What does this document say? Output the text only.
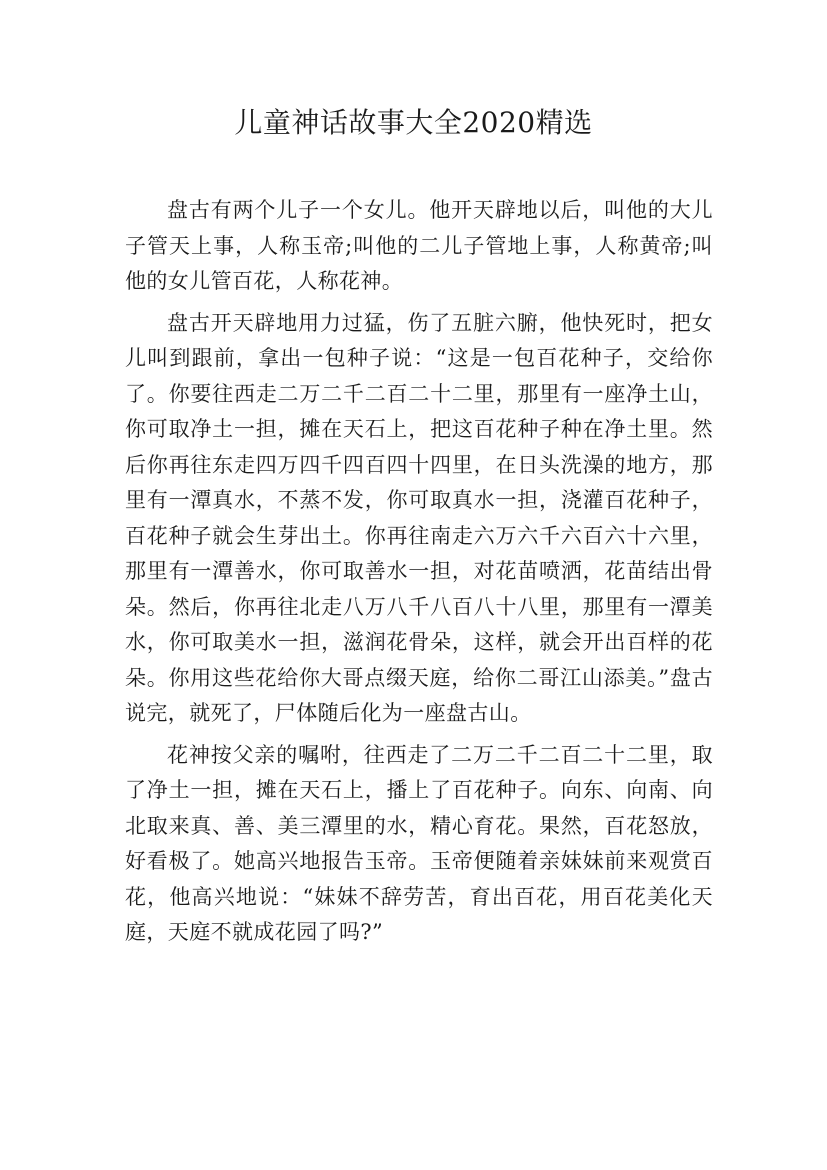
儿童神话故事大全2020精选

盘古有两个儿子一个女儿。他开天辟地以后，叫他的大儿子管天上事，人称玉帝;叫他的二儿子管地上事，人称黄帝;叫他的女儿管百花，人称花神。

盘古开天辟地用力过猛，伤了五脏六腑，他快死时，把女儿叫到跟前，拿出一包种子说：“这是一包百花种子，交给你了。你要往西走二万二千二百二十二里，那里有一座净土山，你可取净土一担，摊在天石上，把这百花种子种在净土里。然后你再往东走四万四千四百四十四里，在日头洗澡的地方，那里有一潭真水，不蒸不发，你可取真水一担，浇灌百花种子，百花种子就会生芽出土。你再往南走六万六千六百六十六里，那里有一潭善水，你可取善水一担，对花苗喷洒，花苗结出骨朵。然后，你再往北走八万八千八百八十八里，那里有一潭美水，你可取美水一担，滋润花骨朵，这样，就会开出百样的花朵。你用这些花给你大哥点缀天庭，给你二哥江山添美。”盘古说完，就死了，尸体随后化为一座盘古山。

花神按父亲的嘱咐，往西走了二万二千二百二十二里，取了净土一担，摊在天石上，播上了百花种子。向东、向南、向北取来真、善、美三潭里的水，精心育花。果然，百花怒放，好看极了。她高兴地报告玉帝。玉帝便随着亲妹妹前来观赏百花，他高兴地说：“妹妹不辞劳苦，育出百花，用百花美化天庭，天庭不就成花园了吗?”
